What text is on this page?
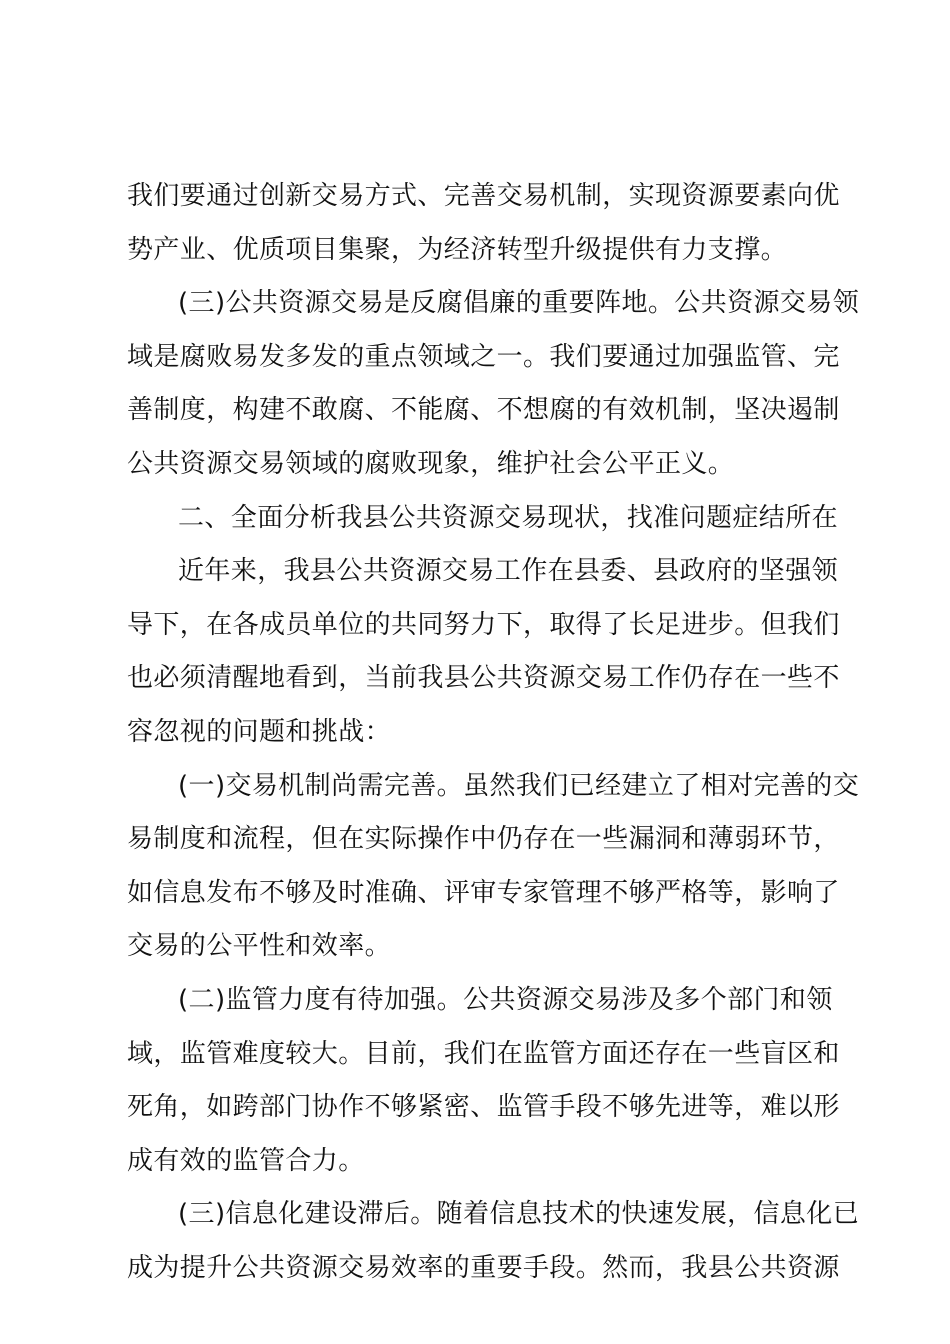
我们要通过创新交易方式、完善交易机制，实现资源要素向优
势产业、优质项目集聚，为经济转型升级提供有力支撑。
(三)公共资源交易是反腐倡廉的重要阵地。公共资源交易领
域是腐败易发多发的重点领域之一。我们要通过加强监管、完
善制度，构建不敢腐、不能腐、不想腐的有效机制，坚决遏制
公共资源交易领域的腐败现象，维护社会公平正义。
二、全面分析我县公共资源交易现状，找准问题症结所在
近年来，我县公共资源交易工作在县委、县政府的坚强领
导下，在各成员单位的共同努力下，取得了长足进步。但我们
也必须清醒地看到，当前我县公共资源交易工作仍存在一些不
容忽视的问题和挑战：
(一)交易机制尚需完善。虽然我们已经建立了相对完善的交
易制度和流程，但在实际操作中仍存在一些漏洞和薄弱环节，
如信息发布不够及时准确、评审专家管理不够严格等，影响了
交易的公平性和效率。
(二)监管力度有待加强。公共资源交易涉及多个部门和领
域，监管难度较大。目前，我们在监管方面还存在一些盲区和
死角，如跨部门协作不够紧密、监管手段不够先进等，难以形
成有效的监管合力。
(三)信息化建设滞后。随着信息技术的快速发展，信息化已
成为提升公共资源交易效率的重要手段。然而，我县公共资源
